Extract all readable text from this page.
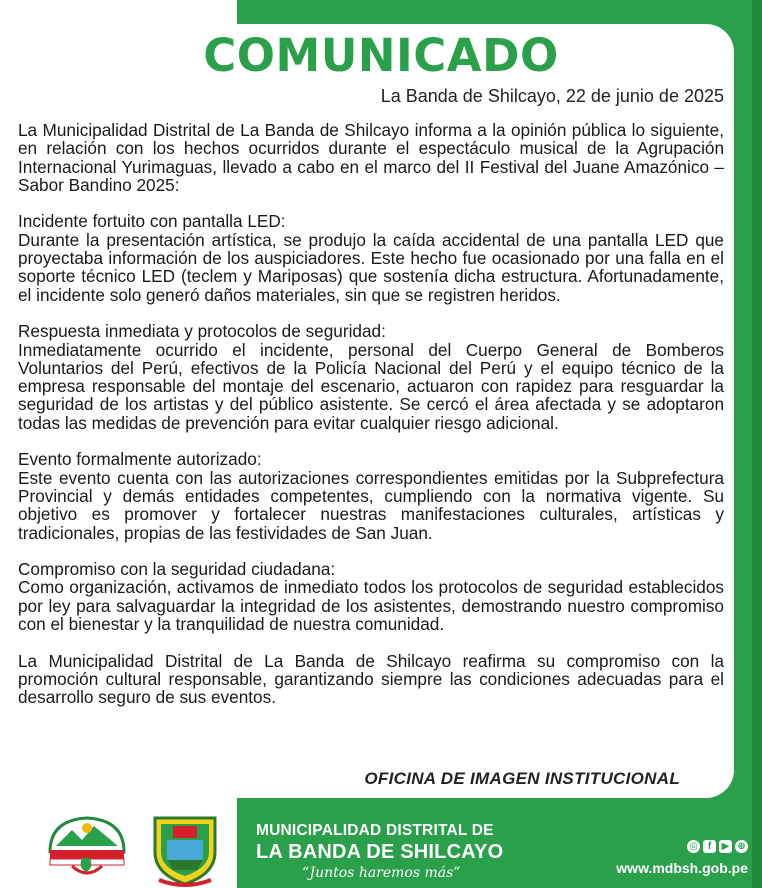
COMUNICADO
La Banda de Shilcayo, 22 de junio de 2025

La Municipalidad Distrital de La Banda de Shilcayo informa a la opinión pública lo siguiente, en relación con los hechos ocurridos durante el espectáculo musical de la Agrupación Internacional Yurimaguas, llevado a cabo en el marco del II Festival del Juane Amazónico – Sabor Bandino 2025:

Incidente fortuito con pantalla LED:

Durante la presentación artística, se produjo la caída accidental de una pantalla LED que proyectaba información de los auspiciadores. Este hecho fue ocasionado por una falla en el soporte técnico LED (teclem y Mariposas) que sostenía dicha estructura. Afortunadamente, el incidente solo generó daños materiales, sin que se registren heridos.

Respuesta inmediata y protocolos de seguridad:

Inmediatamente ocurrido el incidente, personal del Cuerpo General de Bomberos Voluntarios del Perú, efectivos de la Policía Nacional del Perú y el equipo técnico de la empresa responsable del montaje del escenario, actuaron con rapidez para resguardar la seguridad de los artistas y del público asistente. Se cercó el área afectada y se adoptaron todas las medidas de prevención para evitar cualquier riesgo adicional.

Evento formalmente autorizado:

Este evento cuenta con las autorizaciones correspondientes emitidas por la Subprefectura Provincial y demás entidades competentes, cumpliendo con la normativa vigente. Su objetivo es promover y fortalecer nuestras manifestaciones culturales, artísticas y tradicionales, propias de las festividades de San Juan.

Compromiso con la seguridad ciudadana:

Como organización, activamos de inmediato todos los protocolos de seguridad establecidos por ley para salvaguardar la integridad de los asistentes, demostrando nuestro compromiso con el bienestar y la tranquilidad de nuestra comunidad.

La Municipalidad Distrital de La Banda de Shilcayo reafirma su compromiso con la promoción cultural responsable, garantizando siempre las condiciones adecuadas para el desarrollo seguro de sus eventos.

OFICINA DE IMAGEN INSTITUCIONAL
MUNICIPALIDAD DISTRITAL DE
LA BANDA DE SHILCAYO
“Juntos haremos más”
◎ f	▶ ⊕
www.mdbsh.gob.pe
